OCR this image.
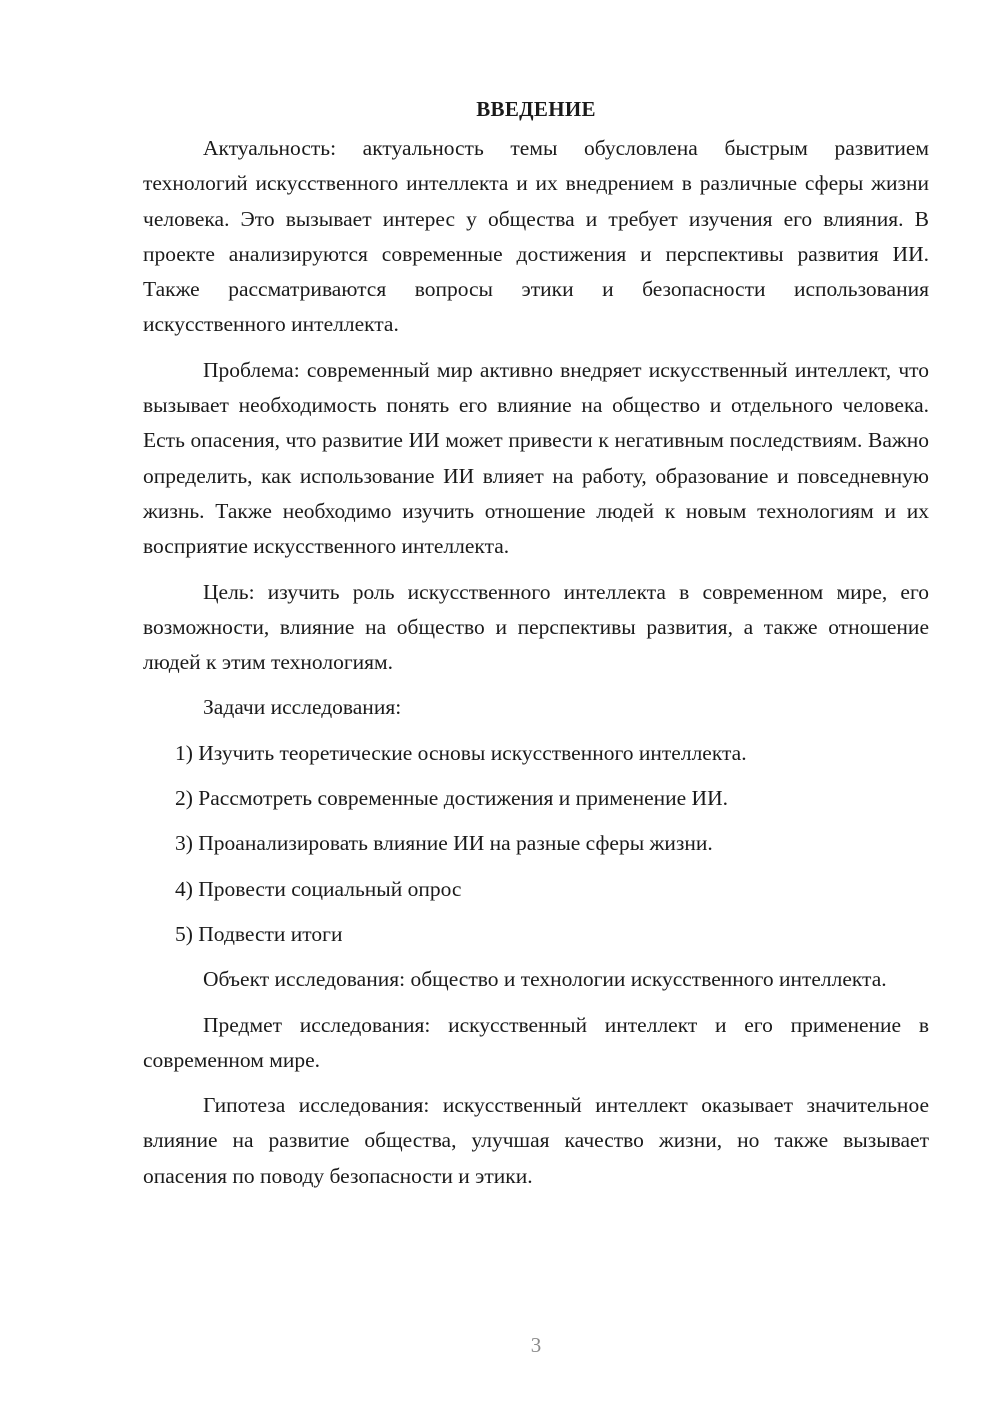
ВВЕДЕНИЕ

Актуальность: актуальность темы обусловлена быстрым развитием технологий искусственного интеллекта и их внедрением в различные сферы жизни человека. Это вызывает интерес у общества и требует изучения его влияния. В проекте анализируются современные достижения и перспективы развития ИИ. Также рассматриваются вопросы этики и безопасности использования искусственного интеллекта.

Проблема: современный мир активно внедряет искусственный интеллект, что вызывает необходимость понять его влияние на общество и отдельного человека. Есть опасения, что развитие ИИ может привести к негативным последствиям. Важно определить, как использование ИИ влияет на работу, образование и повседневную жизнь. Также необходимо изучить отношение людей к новым технологиям и их восприятие искусственного интеллекта.

Цель: изучить роль искусственного интеллекта в современном мире, его возможности, влияние на общество и перспективы развития, а также отношение людей к этим технологиям.

Задачи исследования:
1) Изучить теоретические основы искусственного интеллекта.
2) Рассмотреть современные достижения и применение ИИ.
3) Проанализировать влияние ИИ на разные сферы жизни.
4) Провести социальный опрос
5) Подвести итоги

Объект исследования: общество и технологии искусственного интеллекта.

Предмет исследования: искусственный интеллект и его применение в современном мире.

Гипотеза исследования: искусственный интеллект оказывает значительное влияние на развитие общества, улучшая качество жизни, но также вызывает опасения по поводу безопасности и этики.

3
